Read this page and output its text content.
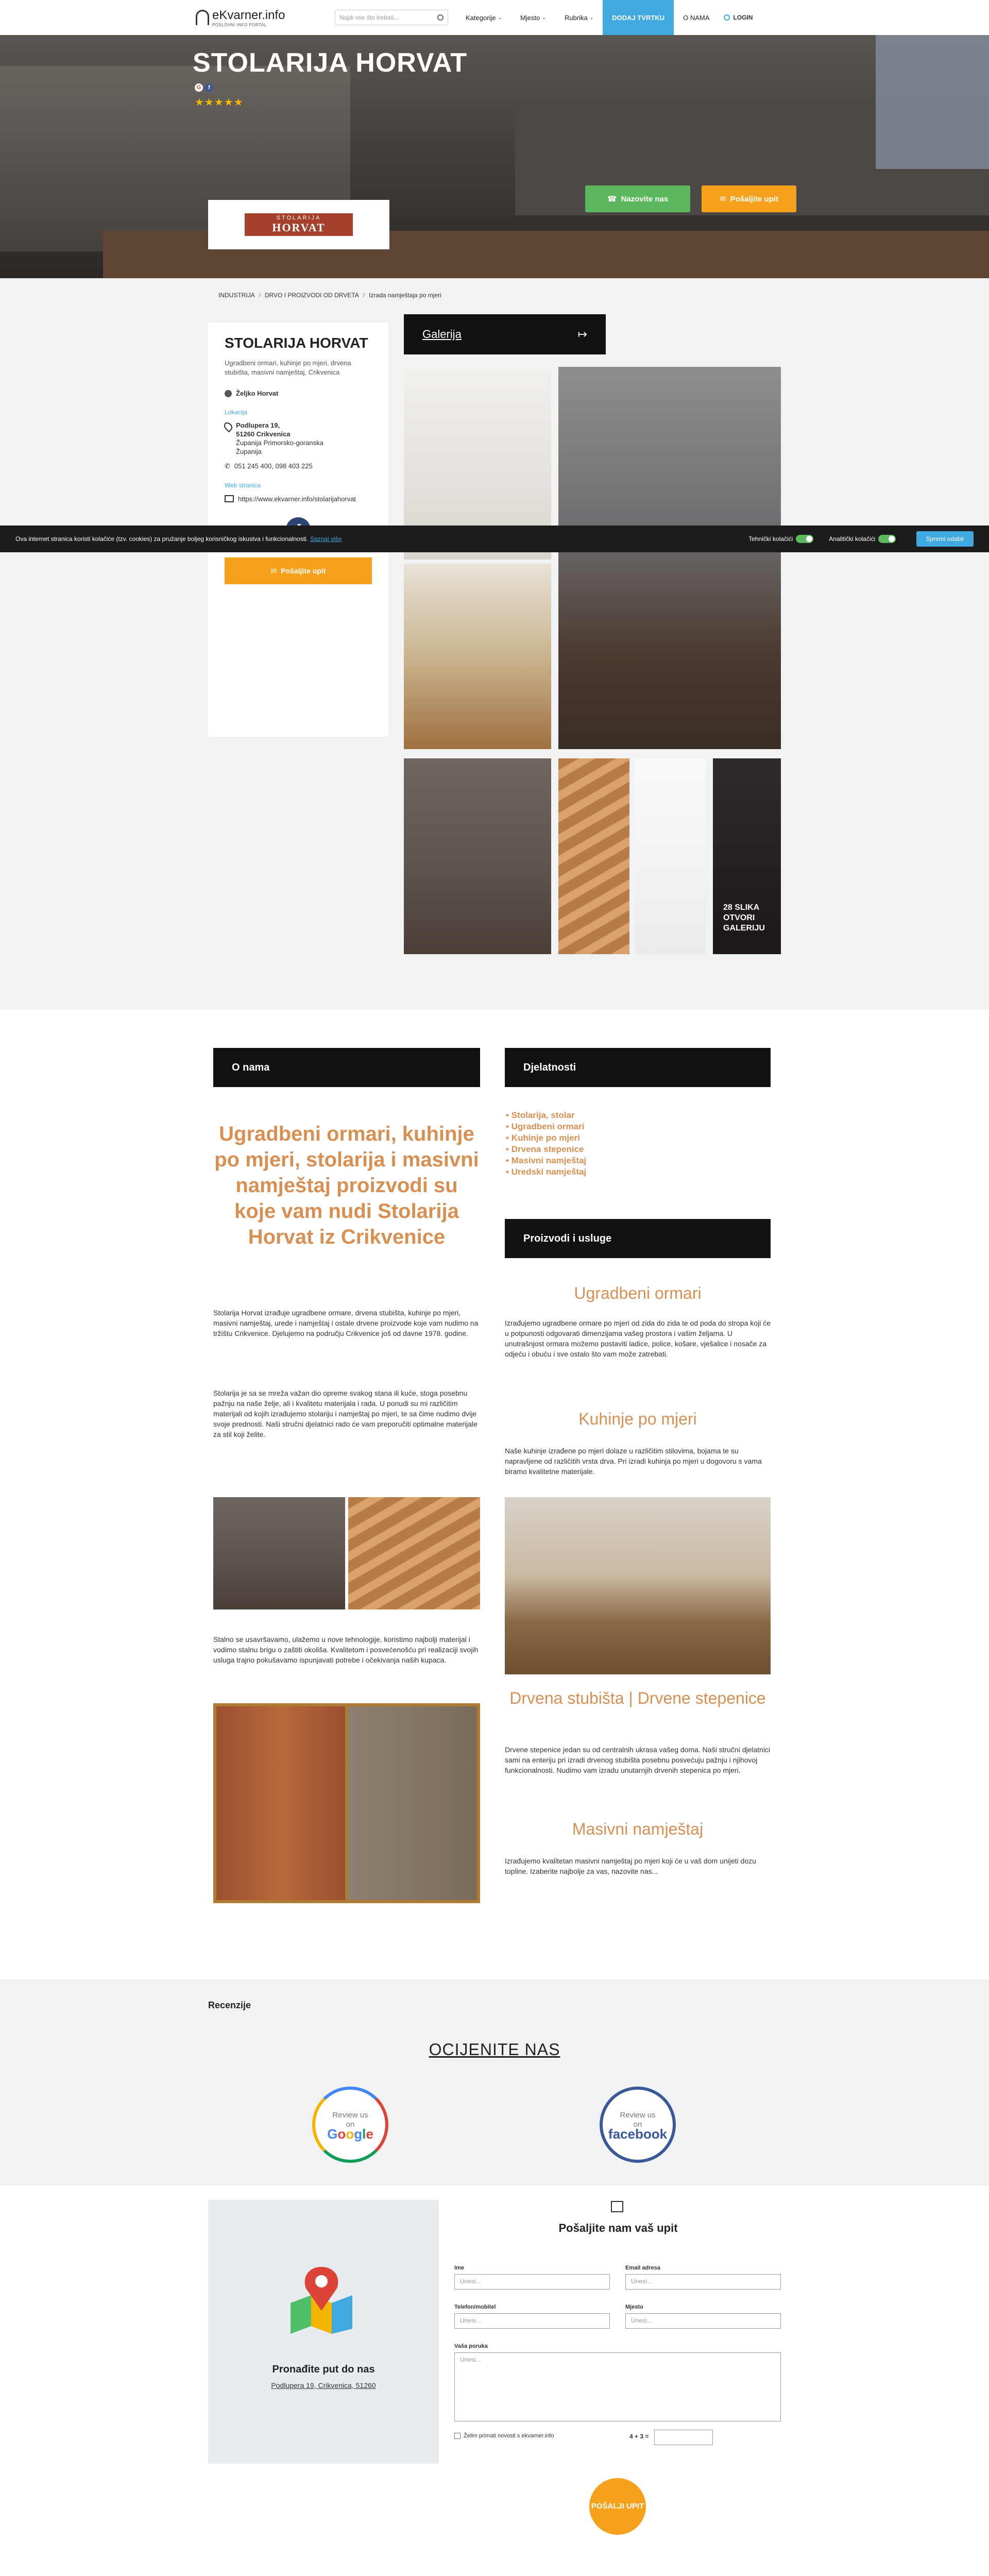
eKvarner.info
POSLOVNI INFO PORTAL
Najdi vse što trebaš...	Kategorije ⌄	Mjesto ⌄	Rubrika ⌄	DODAJ TVRTKU	O NAMA	LOGIN
STOLARIJA HORVAT
G	f
★★★★★
STOLARIJA
HORVAT
☎ Nazovite nas	✉ Pošaljite upit
INDUSTRIJA / DRVO I PROIZVODI OD DRVETA / Izrada namještaja po mjeri
STOLARIJA HORVAT
Ugradbeni ormari, kuhinje po mjeri, drvena stubišta, masivni namještaj, Crikvenica
Željko Horvat
Lokacija
Podlupera 19,
51260 Crikvenica
Županija Primorsko-goranska
Županija
✆ 051 245 400, 098 403 225
Web stranica
https://www.ekvarner.info/stolarijahorvat
✉ Pošaljite upit
Galerija	↦
28 SLIKA
OTVORI GALERIJU
Ova internet stranica koristi kolačiće (tzv. cookies) za pružanje boljeg korisničkog iskustva i funkcionalnosti. Saznaj više	Tehnički kolačići	Analitički kolačići	Spremi odabir
O nama
Ugradbeni ormari, kuhinje po mjeri, stolarija i masivni namještaj proizvodi su koje vam nudi Stolarija Horvat iz Crikvenice
Stolarija Horvat izrađuje ugradbene ormare, drvena stubišta, kuhinje po mjeri, masivni namještaj, urede i namještaj i ostale drvene proizvode koje vam nudimo na tržištu Crikvenice. Djelujemo na području Crikvenice još od davne 1978. godine.
Stolarija je sa se mreža važan dio opreme svakog stana ili kuće, stoga posebnu pažnju na naše želje, ali i kvalitetu materijala i rada. U ponudi su mi različitim materijali od kojih izrađujemo stolariju i namještaj po mjeri, te sa čime nudimo dvije svoje prednosti. Naši stručni djelatnici rado će vam preporučiti optimalne materijale za stil koji želite.
Stalno se usavršavamo, ulažemo u nove tehnologije, koristimo najbolji materijal i vodimo stalnu brigu o zaštiti okoliša. Kvalitetom i posvećenošću pri realizaciji svojih usluga trajno pokušavamo ispunjavati potrebe i očekivanja naših kupaca.
Djelatnosti
▪ Stolarija, stolar
▪ Ugradbeni ormari
▪ Kuhinje po mjeri
▪ Drvena stepenice
▪ Masivni namještaj
▪ Uredski namještaj
Proizvodi i usluge
Ugradbeni ormari
Izrađujemo ugradbene ormare po mjeri od zida do zida te od poda do stropa koji će u potpunosti odgovarati dimenzijama vašeg prostora i vašim željama. U unutrašnjost ormara možemo postaviti ladice, police, košare, vješalice i nosače za odjeću i obuću i sve ostalo što vam može zatrebati.
Kuhinje po mjeri
Naše kuhinje izrađene po mjeri dolaze u različitim stilovima, bojama te su napravljene od različitih vrsta drva. Pri izradi kuhinja po mjeri u dogovoru s vama biramo kvalitetne materijale.
Drvena stubišta | Drvene stepenice
Drvene stepenice jedan su od centralnih ukrasa vašeg doma. Naši stručni djelatnici sami na enteriju pri izradi drvenog stubišta posebnu posvećuju pažnju i njihovoj funkcionalnosti. Nudimo vam izradu unutarnjih drvenih stepenica po mjeri.
Masivni namještaj
Izrađujemo kvalitetan masivni namještaj po mjeri koji će u vaš dom unijeti dozu topline. Izaberite najbolje za vas, nazovite nas...
Recenzije
OCIJENITE NAS
Review us
on
Google
Review us
on
facebook
Pronađite put do nas
Podlupera 19, Crikvenica, 51260
Pošaljite nam vaš upit
Ime
Unesi...
Email adresa
Unesi...
Telefon/mobitel
Unesi...
Mjesto
Unesi...
Vaša poruka
Unesi...
Želim primati novosti s ekvarner.info	4 + 3 =
POŠALJI UPIT
